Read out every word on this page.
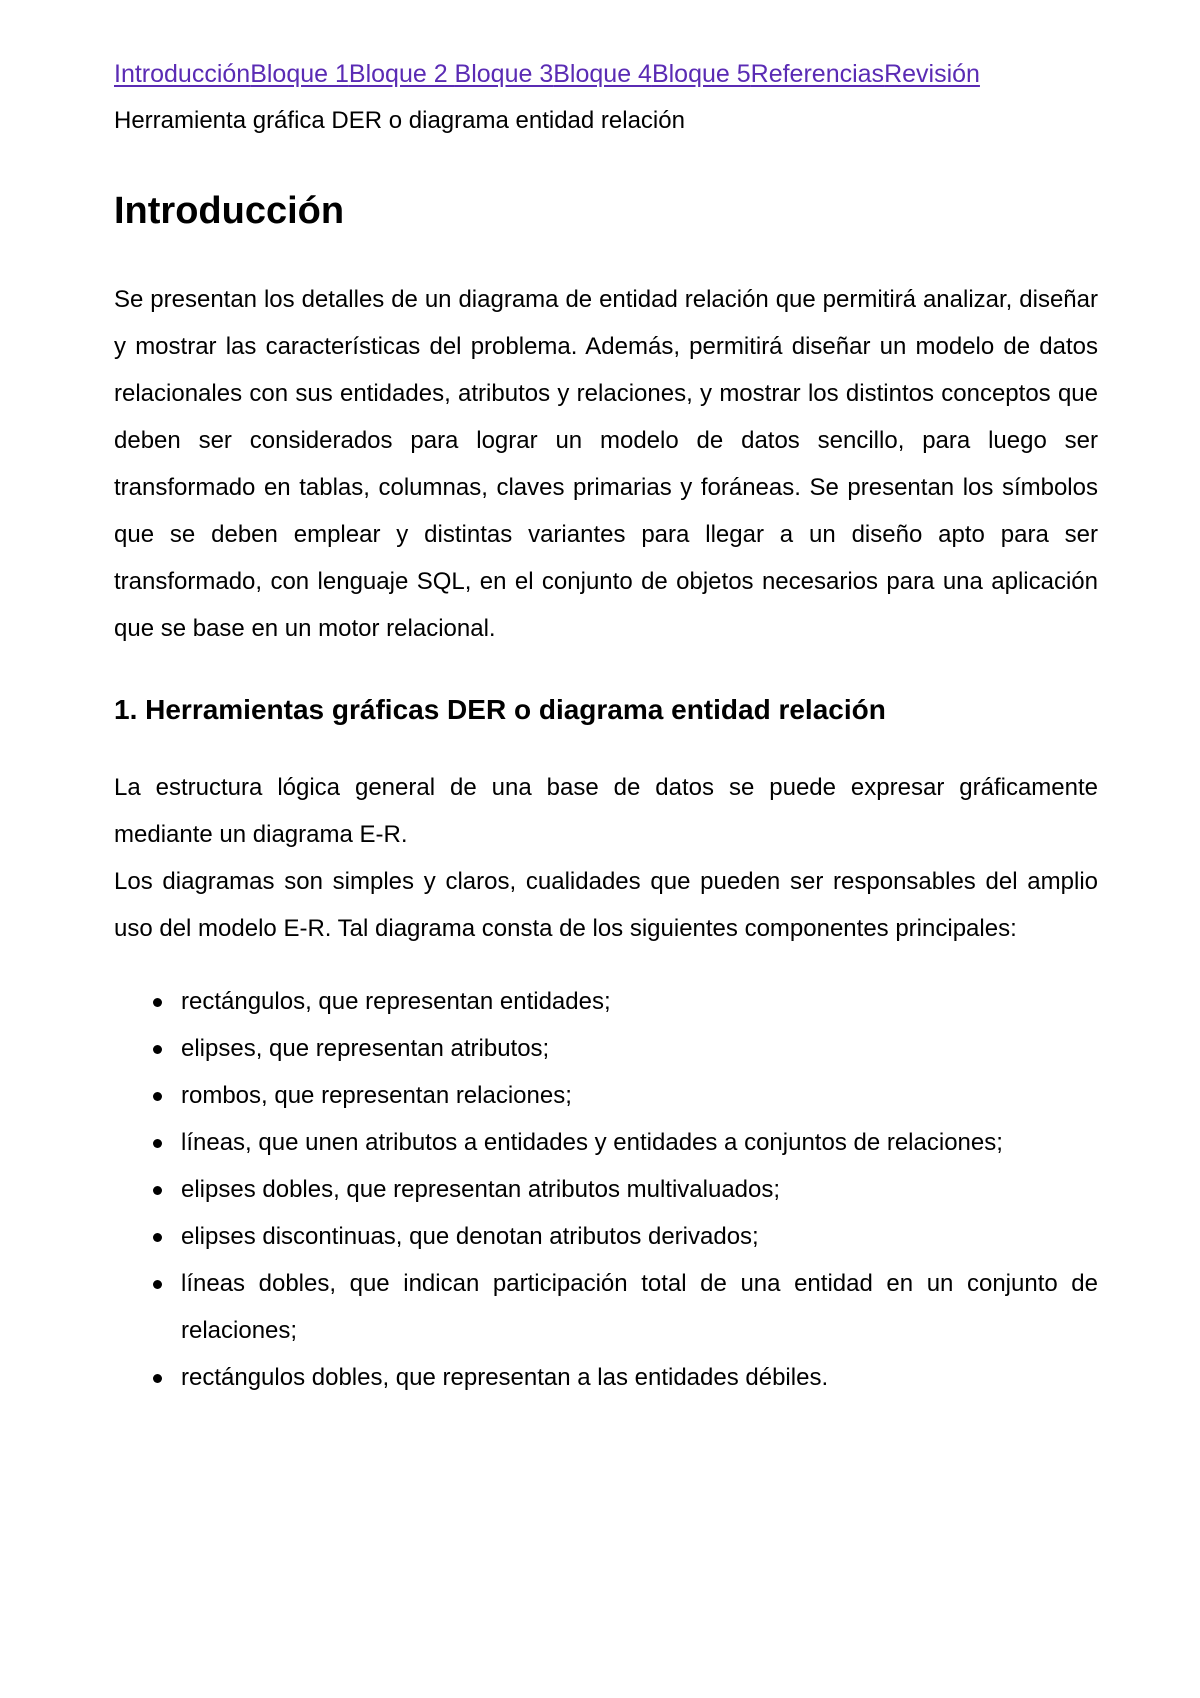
IntroducciónBloque 1Bloque 2 Bloque 3Bloque 4Bloque 5ReferenciasRevisión
Herramienta gráfica DER o diagrama entidad relación
Introducción

Se presentan los detalles de un diagrama de entidad relación que permitirá analizar, diseñar y mostrar las características del problema. Además, permitirá diseñar un modelo de datos relacionales con sus entidades, atributos y relaciones, y mostrar los distintos conceptos que deben ser considerados para lograr un modelo de datos sencillo, para luego ser transformado en tablas, columnas, claves primarias y foráneas. Se presentan los símbolos que se deben emplear y distintas variantes para llegar a un diseño apto para ser transformado, con lenguaje SQL, en el conjunto de objetos necesarios para una aplicación que se base en un motor relacional.

1. Herramientas gráficas DER o diagrama entidad relación

La estructura lógica general de una base de datos se puede expresar gráficamente mediante un diagrama E-R.

Los diagramas son simples y claros, cualidades que pueden ser responsables del amplio uso del modelo E-R. Tal diagrama consta de los siguientes componentes principales:

rectángulos, que representan entidades;
elipses, que representan atributos;
rombos, que representan relaciones;
líneas, que unen atributos a entidades y entidades a conjuntos de relaciones;
elipses dobles, que representan atributos multivaluados;
elipses discontinuas, que denotan atributos derivados;
líneas dobles, que indican participación total de una entidad en un conjunto de relaciones;
rectángulos dobles, que representan a las entidades débiles.
